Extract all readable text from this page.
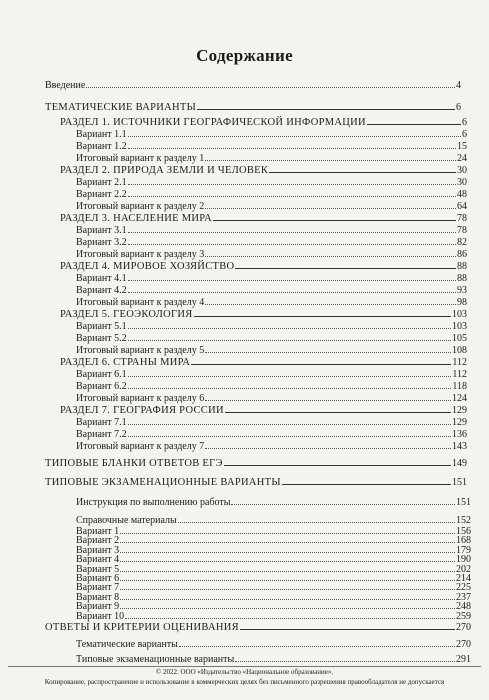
Содержание
Введение	4
ТЕМАТИЧЕСКИЕ ВАРИАНТЫ	6
РАЗДЕЛ 1. ИСТОЧНИКИ ГЕОГРАФИЧЕСКОЙ ИНФОРМАЦИИ	6
Вариант 1.1	6
Вариант 1.2	15
Итоговый вариант к разделу 1	24
РАЗДЕЛ 2. ПРИРОДА ЗЕМЛИ И ЧЕЛОВЕК	30
Вариант 2.1	30
Вариант 2.2	48
Итоговый вариант к разделу 2	64
РАЗДЕЛ 3. НАСЕЛЕНИЕ МИРА	78
Вариант 3.1	78
Вариант 3.2	82
Итоговый вариант к разделу 3	86
РАЗДЕЛ 4. МИРОВОЕ ХОЗЯЙСТВО	88
Вариант 4.1	88
Вариант 4.2	93
Итоговый вариант к разделу 4	98
РАЗДЕЛ 5. ГЕОЭКОЛОГИЯ	103
Вариант 5.1	103
Вариант 5.2	105
Итоговый вариант к разделу 5	108
РАЗДЕЛ 6. СТРАНЫ МИРА	112
Вариант 6.1	112
Вариант 6.2	118
Итоговый вариант к разделу 6	124
РАЗДЕЛ 7. ГЕОГРАФИЯ РОССИИ	129
Вариант 7.1	129
Вариант 7.2	136
Итоговый вариант к разделу 7	143
ТИПОВЫЕ БЛАНКИ ОТВЕТОВ ЕГЭ	149
ТИПОВЫЕ ЭКЗАМЕНАЦИОННЫЕ ВАРИАНТЫ	151
Инструкция по выполнению работы	151
Справочные материалы	152
Вариант 1	156
Вариант 2	168
Вариант 3	179
Вариант 4	190
Вариант 5	202
Вариант 6	214
Вариант 7	225
Вариант 8	237
Вариант 9	248
Вариант 10	259
ОТВЕТЫ И КРИТЕРИИ ОЦЕНИВАНИЯ	270
Тематические варианты	270
Типовые экзаменационные варианты	291
© 2022. ООО «Издательство «Национальное образование».
Копирование, распространение и использование в коммерческих целях без письменного разрешения правообладателя не допускается
